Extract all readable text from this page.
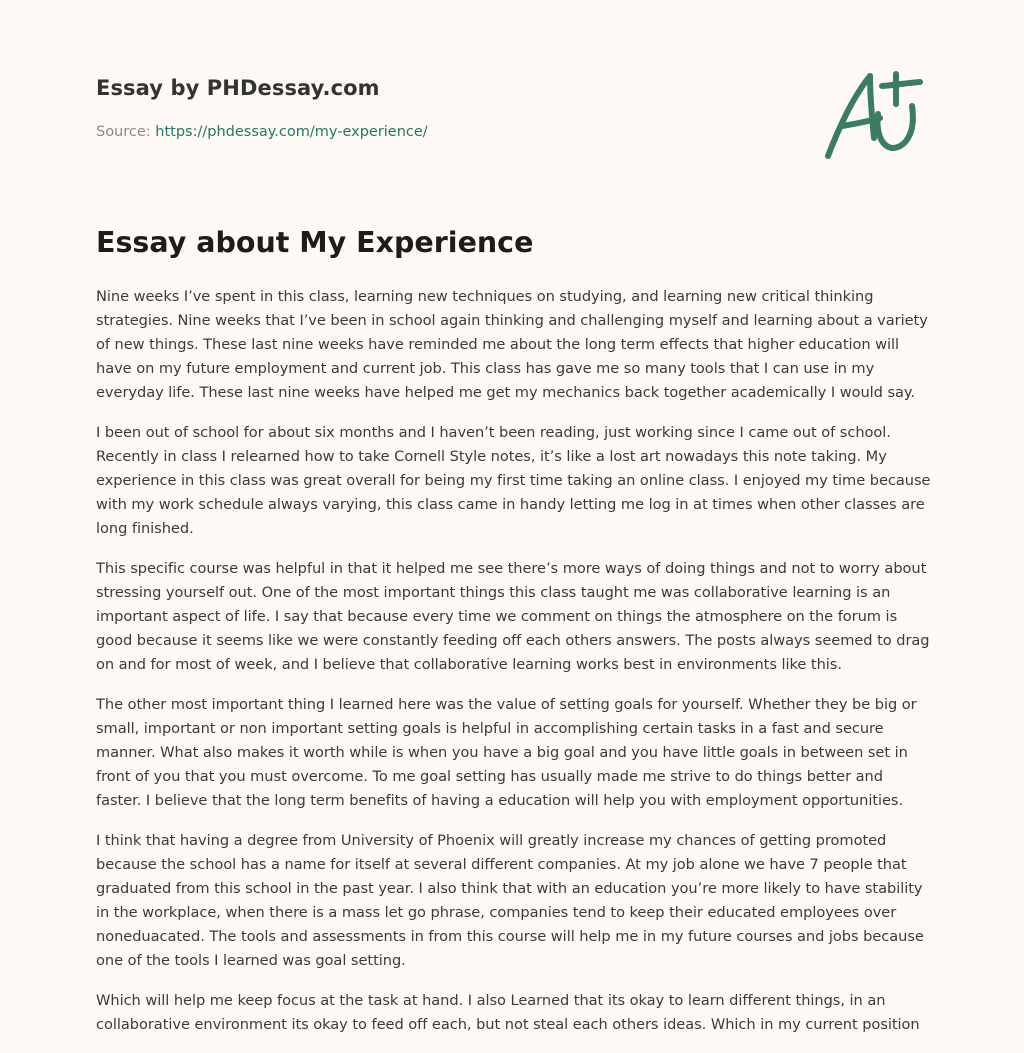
Essay by PHDessay.com
Source: https://phdessay.com/my-experience/
Essay about My Experience

Nine weeks I’ve spent in this class, learning new techniques on studying, and learning new critical thinking strategies. Nine weeks that I’ve been in school again thinking and challenging myself and learning about a variety of new things. These last nine weeks have reminded me about the long term effects that higher education will have on my future employment and current job. This class has gave me so many tools that I can use in my everyday life. These last nine weeks have helped me get my mechanics back together academically I would say.

I been out of school for about six months and I haven’t been reading, just working since I came out of school. Recently in class I relearned how to take Cornell Style notes, it’s like a lost art nowadays this note taking. My experience in this class was great overall for being my first time taking an online class. I enjoyed my time because with my work schedule always varying, this class came in handy letting me log in at times when other classes are long finished.

This specific course was helpful in that it helped me see there’s more ways of doing things and not to worry about stressing yourself out. One of the most important things this class taught me was collaborative learning is an important aspect of life. I say that because every time we comment on things the atmosphere on the forum is good because it seems like we were constantly feeding off each others answers. The posts always seemed to drag on and for most of week, and I believe that collaborative learning works best in environments like this.

The other most important thing I learned here was the value of setting goals for yourself. Whether they be big or small, important or non important setting goals is helpful in accomplishing certain tasks in a fast and secure manner. What also makes it worth while is when you have a big goal and you have little goals in between set in front of you that you must overcome. To me goal setting has usually made me strive to do things better and faster. I believe that the long term benefits of having a education will help you with employment opportunities.

I think that having a degree from University of Phoenix will greatly increase my chances of getting promoted because the school has a name for itself at several different companies. At my job alone we have 7 people that graduated from this school in the past year. I also think that with an education you’re more likely to have stability in the workplace, when there is a mass let go phrase, companies tend to keep their educated employees over noneduacated. The tools and assessments in from this course will help me in my future courses and jobs because one of the tools I learned was goal setting.

Which will help me keep focus at the task at hand. I also Learned that its okay to learn different things, in an collaborative environment its okay to feed off each, but not steal each others ideas. Which in my current position
